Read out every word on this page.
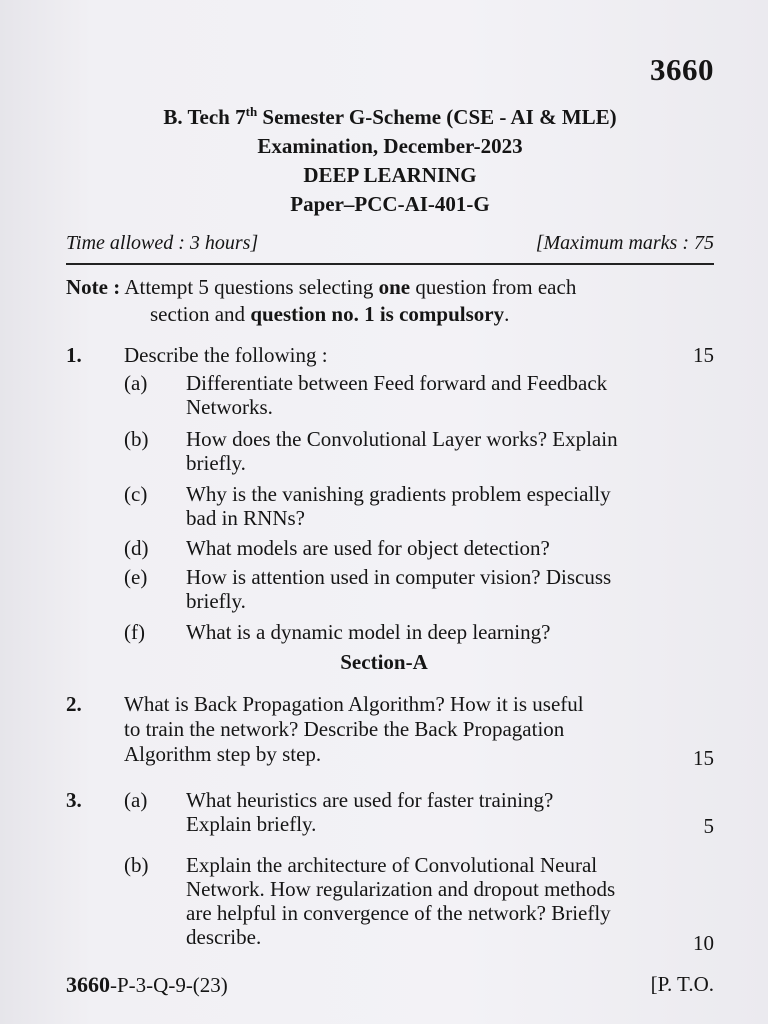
3660
B. Tech 7th Semester G-Scheme (CSE - AI & MLE)
Examination, December-2023
DEEP LEARNING
Paper–PCC-AI-401-G
Time allowed : 3 hours]	[Maximum marks : 75
Note : Attempt 5 questions selecting one question from each
section and question no. 1 is compulsory.
1. Describe the following :	15
(a) Differentiate between Feed forward and Feedback
Networks.
(b) How does the Convolutional Layer works? Explain
briefly.
(c) Why is the vanishing gradients problem especially
bad in RNNs?
(d) What models are used for object detection?
(e) How is attention used in computer vision? Discuss
briefly.
(f) What is a dynamic model in deep learning?
Section-A
2. What is Back Propagation Algorithm? How it is useful
to train the network? Describe the Back Propagation
Algorithm step by step.	15
3. (a) What heuristics are used for faster training?
Explain briefly.	5
(b) Explain the architecture of Convolutional Neural
Network. How regularization and dropout methods
are helpful in convergence of the network? Briefly
describe.	10
3660-P-3-Q-9-(23)	[P. T.O.
